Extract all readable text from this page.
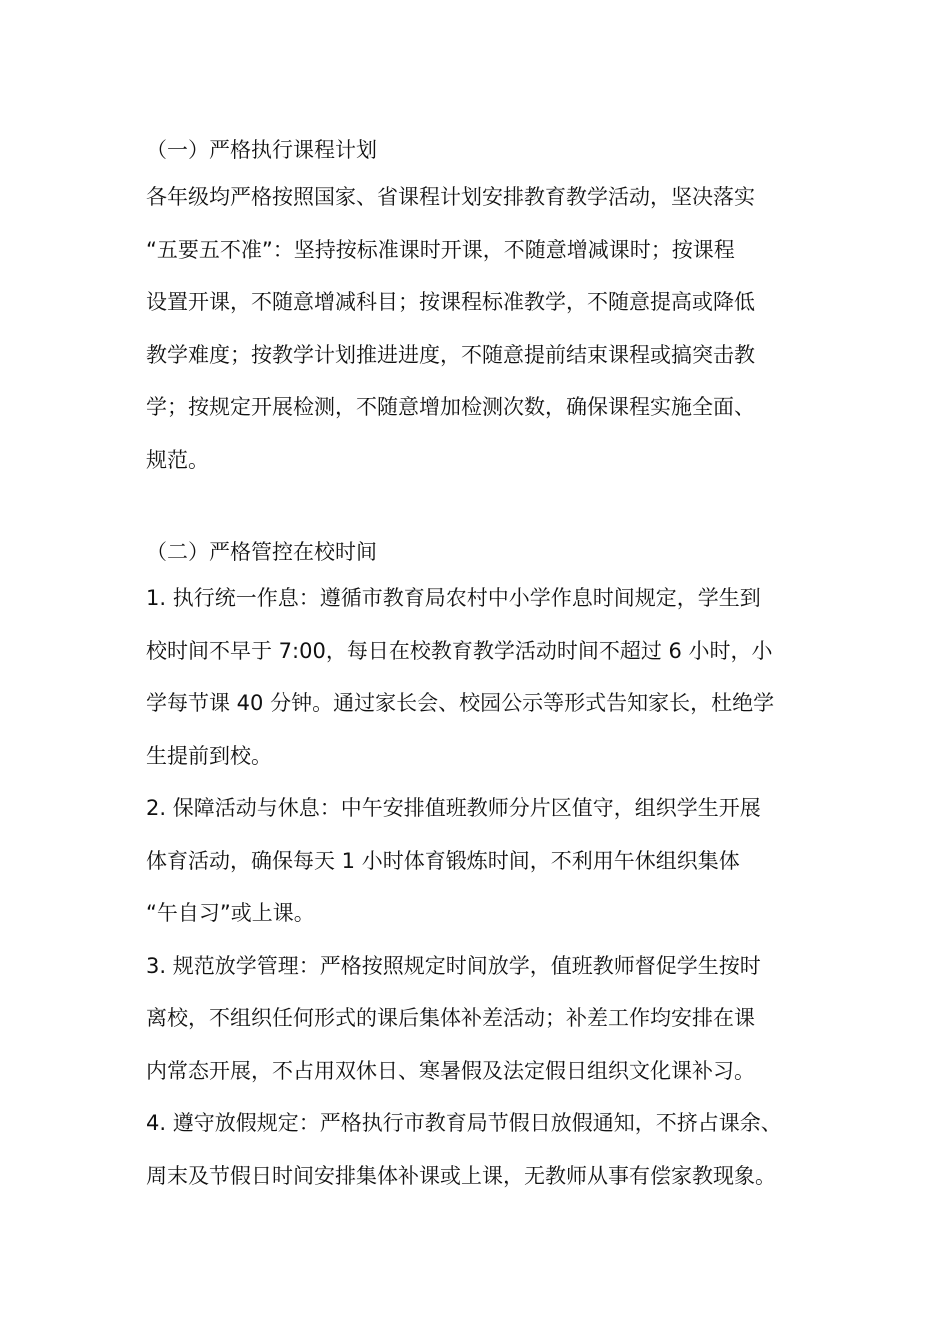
（一）严格执行课程计划

各年级均严格按照国家、省课程计划安排教育教学活动，坚决落实

“五要五不准”：坚持按标准课时开课，不随意增减课时；按课程

设置开课，不随意增减科目；按课程标准教学，不随意提高或降低

教学难度；按教学计划推进进度，不随意提前结束课程或搞突击教

学；按规定开展检测，不随意增加检测次数，确保课程实施全面、

规范。

（二）严格管控在校时间

1. 执行统一作息：遵循市教育局农村中小学作息时间规定，学生到

校时间不早于 7:00，每日在校教育教学活动时间不超过 6 小时，小

学每节课 40 分钟。通过家长会、校园公示等形式告知家长，杜绝学

生提前到校。

2. 保障活动与休息：中午安排值班教师分片区值守，组织学生开展

体育活动，确保每天 1 小时体育锻炼时间，不利用午休组织集体

“午自习”或上课。

3. 规范放学管理：严格按照规定时间放学，值班教师督促学生按时

离校，不组织任何形式的课后集体补差活动；补差工作均安排在课

内常态开展，不占用双休日、寒暑假及法定假日组织文化课补习。

4. 遵守放假规定：严格执行市教育局节假日放假通知，不挤占课余、

周末及节假日时间安排集体补课或上课，无教师从事有偿家教现象。
